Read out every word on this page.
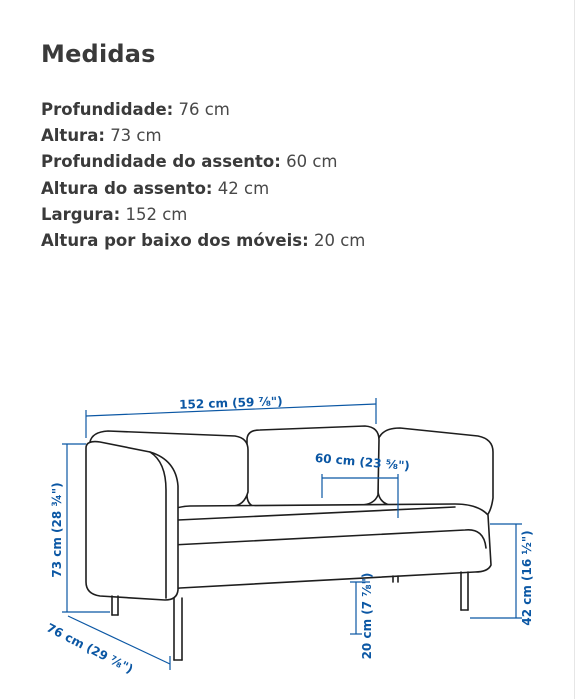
Medidas
Profundidade: 76 cm
Altura: 73 cm
Profundidade do assento: 60 cm
Altura do assento: 42 cm
Largura: 152 cm
Altura por baixo dos móveis: 20 cm
152 cm (59 ⅞")
60 cm (23 ⅝")
73 cm (28 ¾")
42 cm (16 ½")
20 cm (7 ⅞")
76 cm (29 ⅞")
